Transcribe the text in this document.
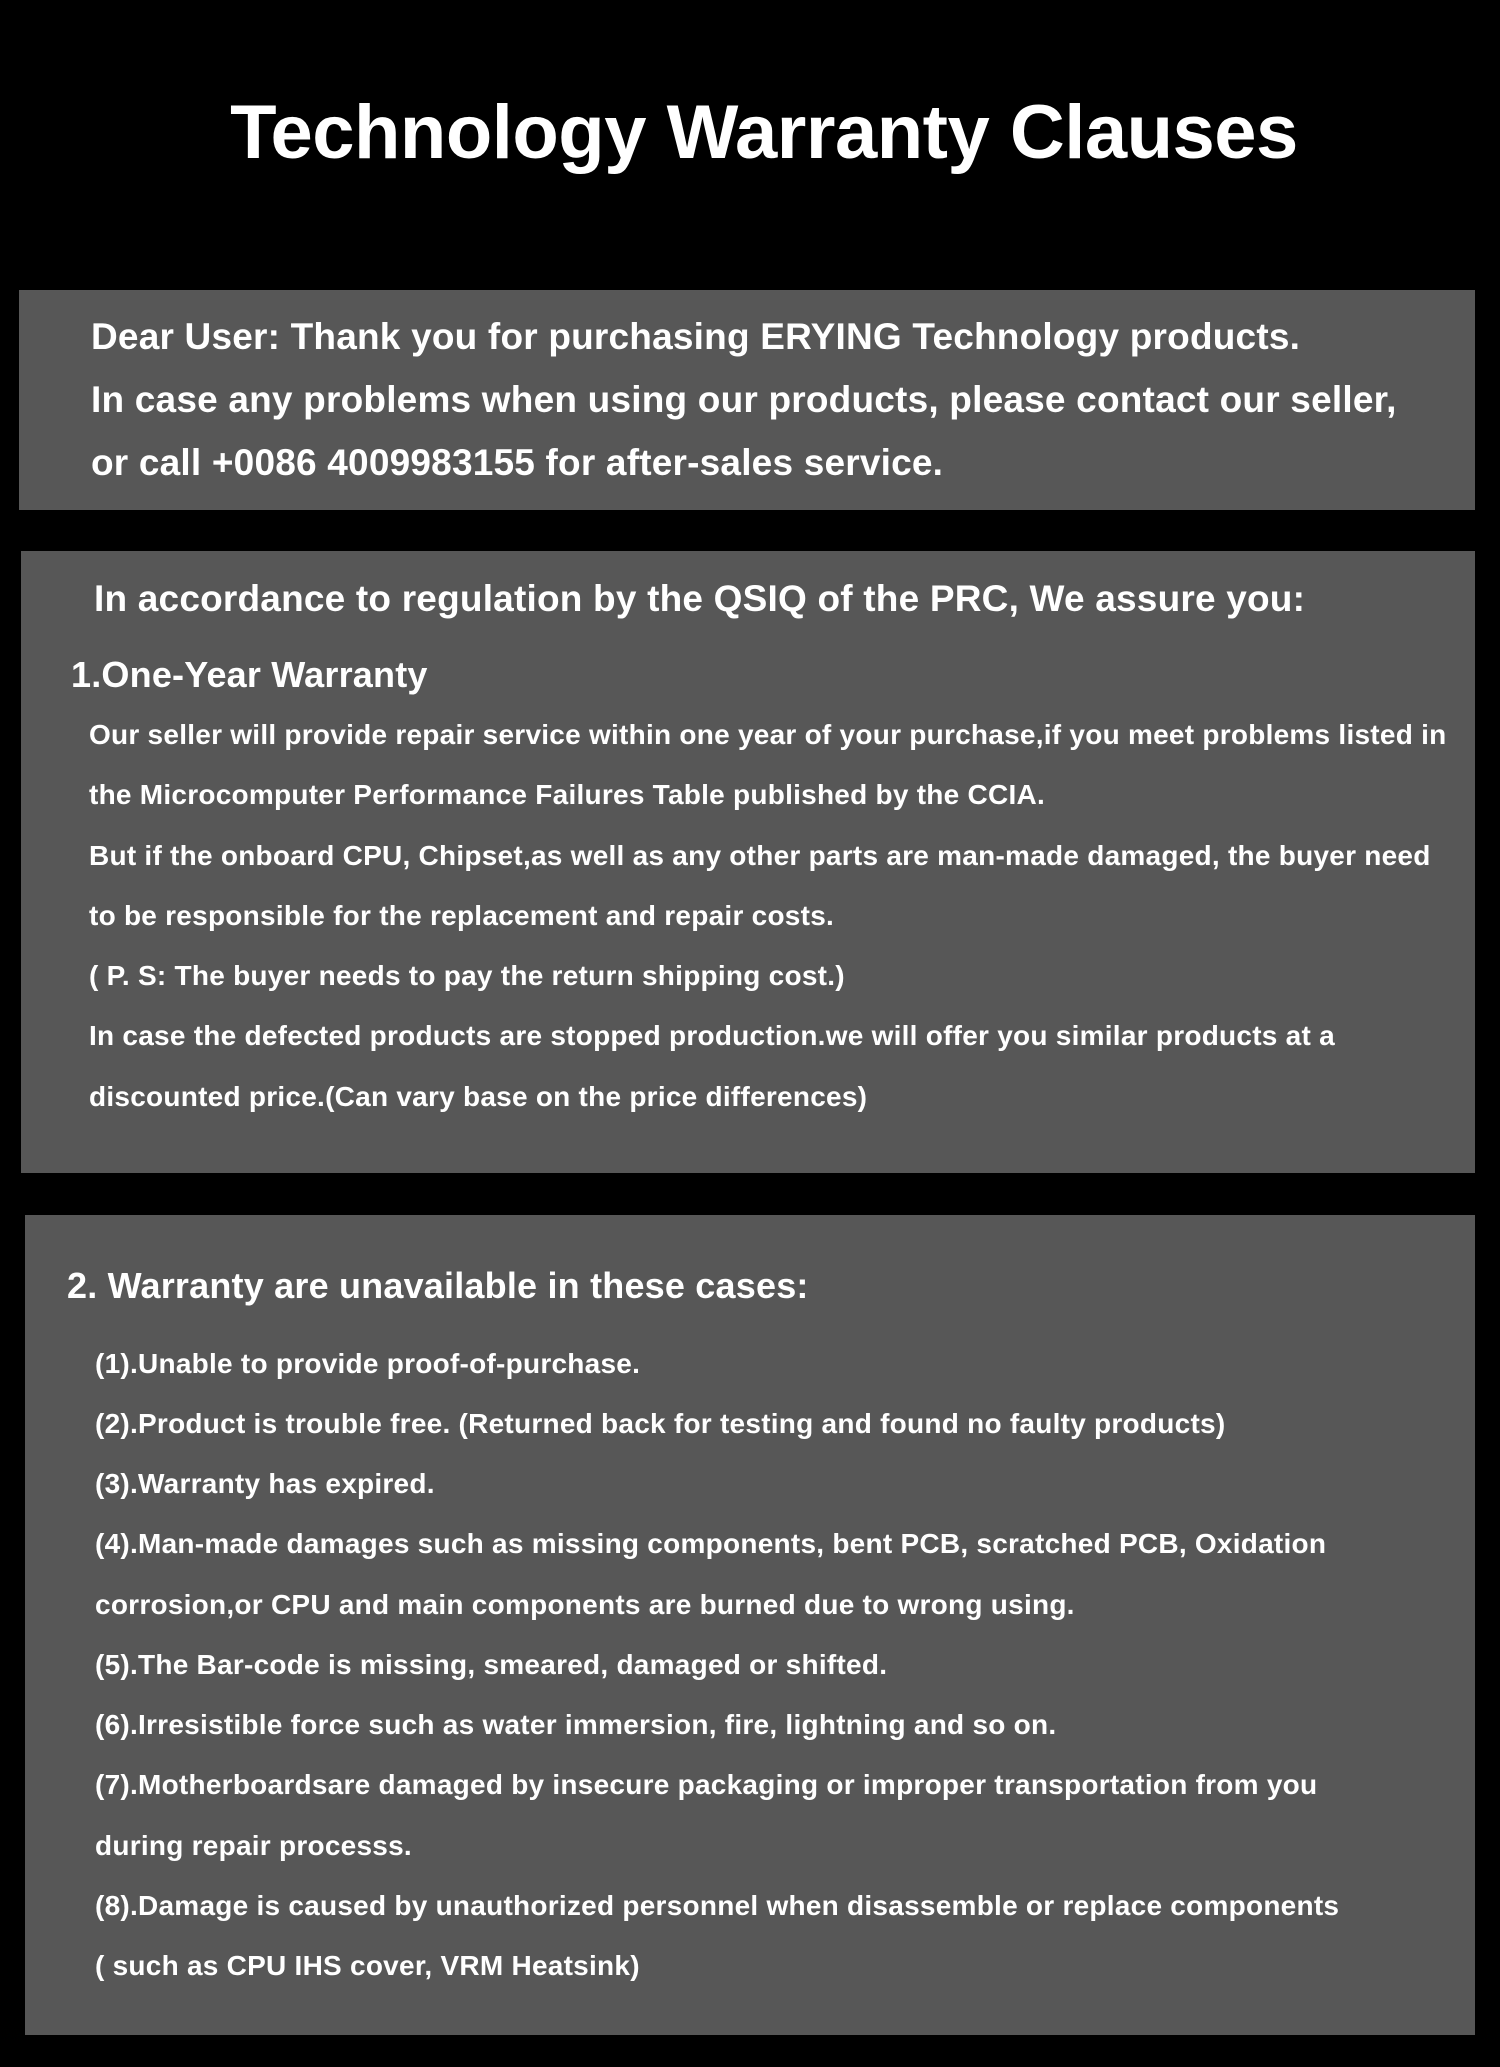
Technology Warranty Clauses

Dear User: Thank you for purchasing ERYING Technology products.

In case any problems when using our products, please contact our seller,

or call +0086 4009983155 for after-sales service.

In accordance to regulation by the QSIQ of the PRC, We assure you:

1.One-Year Warranty

Our seller will provide repair service within one year of your purchase,if you meet problems listed in

the Microcomputer Performance Failures Table published by the CCIA.

But if the onboard CPU, Chipset,as well as any other parts are man-made damaged, the buyer need

to be responsible for the replacement and repair costs.

( P. S: The buyer needs to pay the return shipping cost.)

In case the defected products are stopped production.we will offer you similar products at a

discounted price.(Can vary base on the price differences)

2. Warranty are unavailable in these cases:

(1).Unable to provide proof-of-purchase.

(2).Product is trouble free. (Returned back for testing and found no faulty products)

(3).Warranty has expired.

(4).Man-made damages such as missing components, bent PCB, scratched PCB, Oxidation

corrosion,or CPU and main components are burned due to wrong using.

(5).The Bar-code is missing, smeared, damaged or shifted.

(6).Irresistible force such as water immersion, fire, lightning and so on.

(7).Motherboardsare damaged by insecure packaging or improper transportation from you

during repair processs.

(8).Damage is caused by unauthorized personnel when disassemble or replace components

( such as CPU IHS cover, VRM Heatsink)
